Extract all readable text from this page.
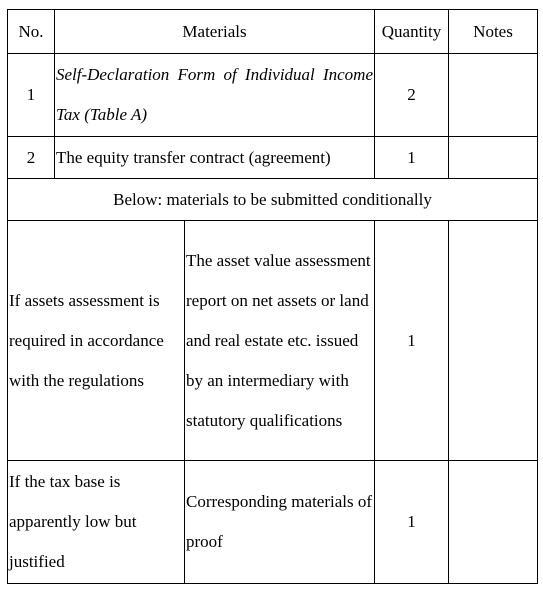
No.	Materials		Quantity	Notes
1	Self-Declaration Form of Individual Income Tax (Table A)		2	
2	The equity transfer contract (agreement)		1	
Below: materials to be submitted conditionally				

If assets assessment is required in accordance with the regulations		The asset value assessment report on net assets or land and real estate etc. issued by an intermediary with statutory qualifications	1	

If the tax base is apparently low but justified		Corresponding materials of proof	1	
